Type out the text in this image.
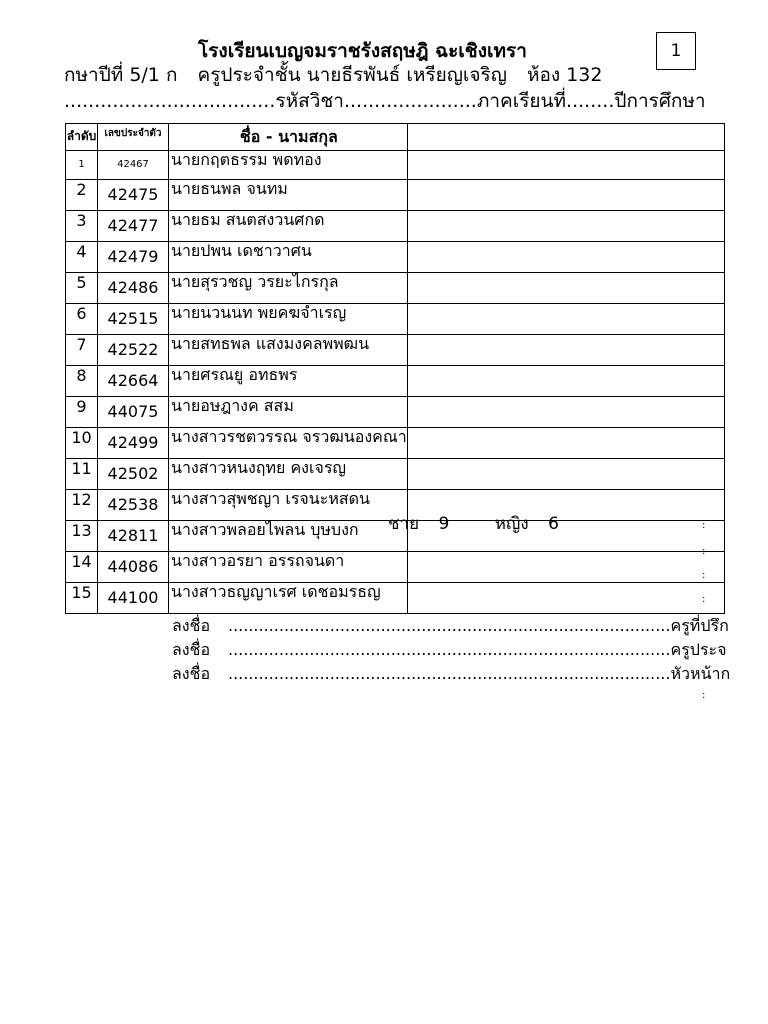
1
โรงเรียนเบญจมราชรังสฤษฎิ ฉะเชิงเทรา
กษาปีที่ 5/1 ก ครูประจำชั้น นายธีรพันธ์ เหรียญเจริญ ห้อง 132
...................................รหัสวิชา......................ภาคเรียนที่........ปีการศึกษา
ลำดับ	เลขประจำตัว	ชื่อ - นามสกุล	
1	42467	นายกฤตธรรม พดทอง	
2	42475	นายธนพล จนทม	
3	42477	นายธม สนตสงวนศกด	
4	42479	นายปพน เดชาวาศน	
5	42486	นายสุรวชญ วรยะไกรกุล	
6	42515	นายนวนนท พยคฆจำเรญ	
7	42522	นายสทธพล แสงมงคลพพฒน	
8	42664	นายศรณยู อทธพร	
9	44075	นายอษฎางค สสม	
10	42499	นางสาวรชตวรรณ จรวฒนองคณา	
11	42502	นางสาวหนงฤทย คงเจรญ	
12	42538	นางสาวสุพชญา เรจนะหสดน	
13	42811	นางสาวพลอยไพลน บุษบงก	
14	44086	นางสาวอรยา อรรถจนดา	
15	44100	นางสาวธญญาเรศ เดชอมรธญ	
ชาย 9	หญิง 6	:
:
:
:
:
ลงชื่อ .......................................................................................ครูที่ปรึก
ลงชื่อ .......................................................................................ครูประจ
ลงชื่อ .......................................................................................หัวหน้าก
